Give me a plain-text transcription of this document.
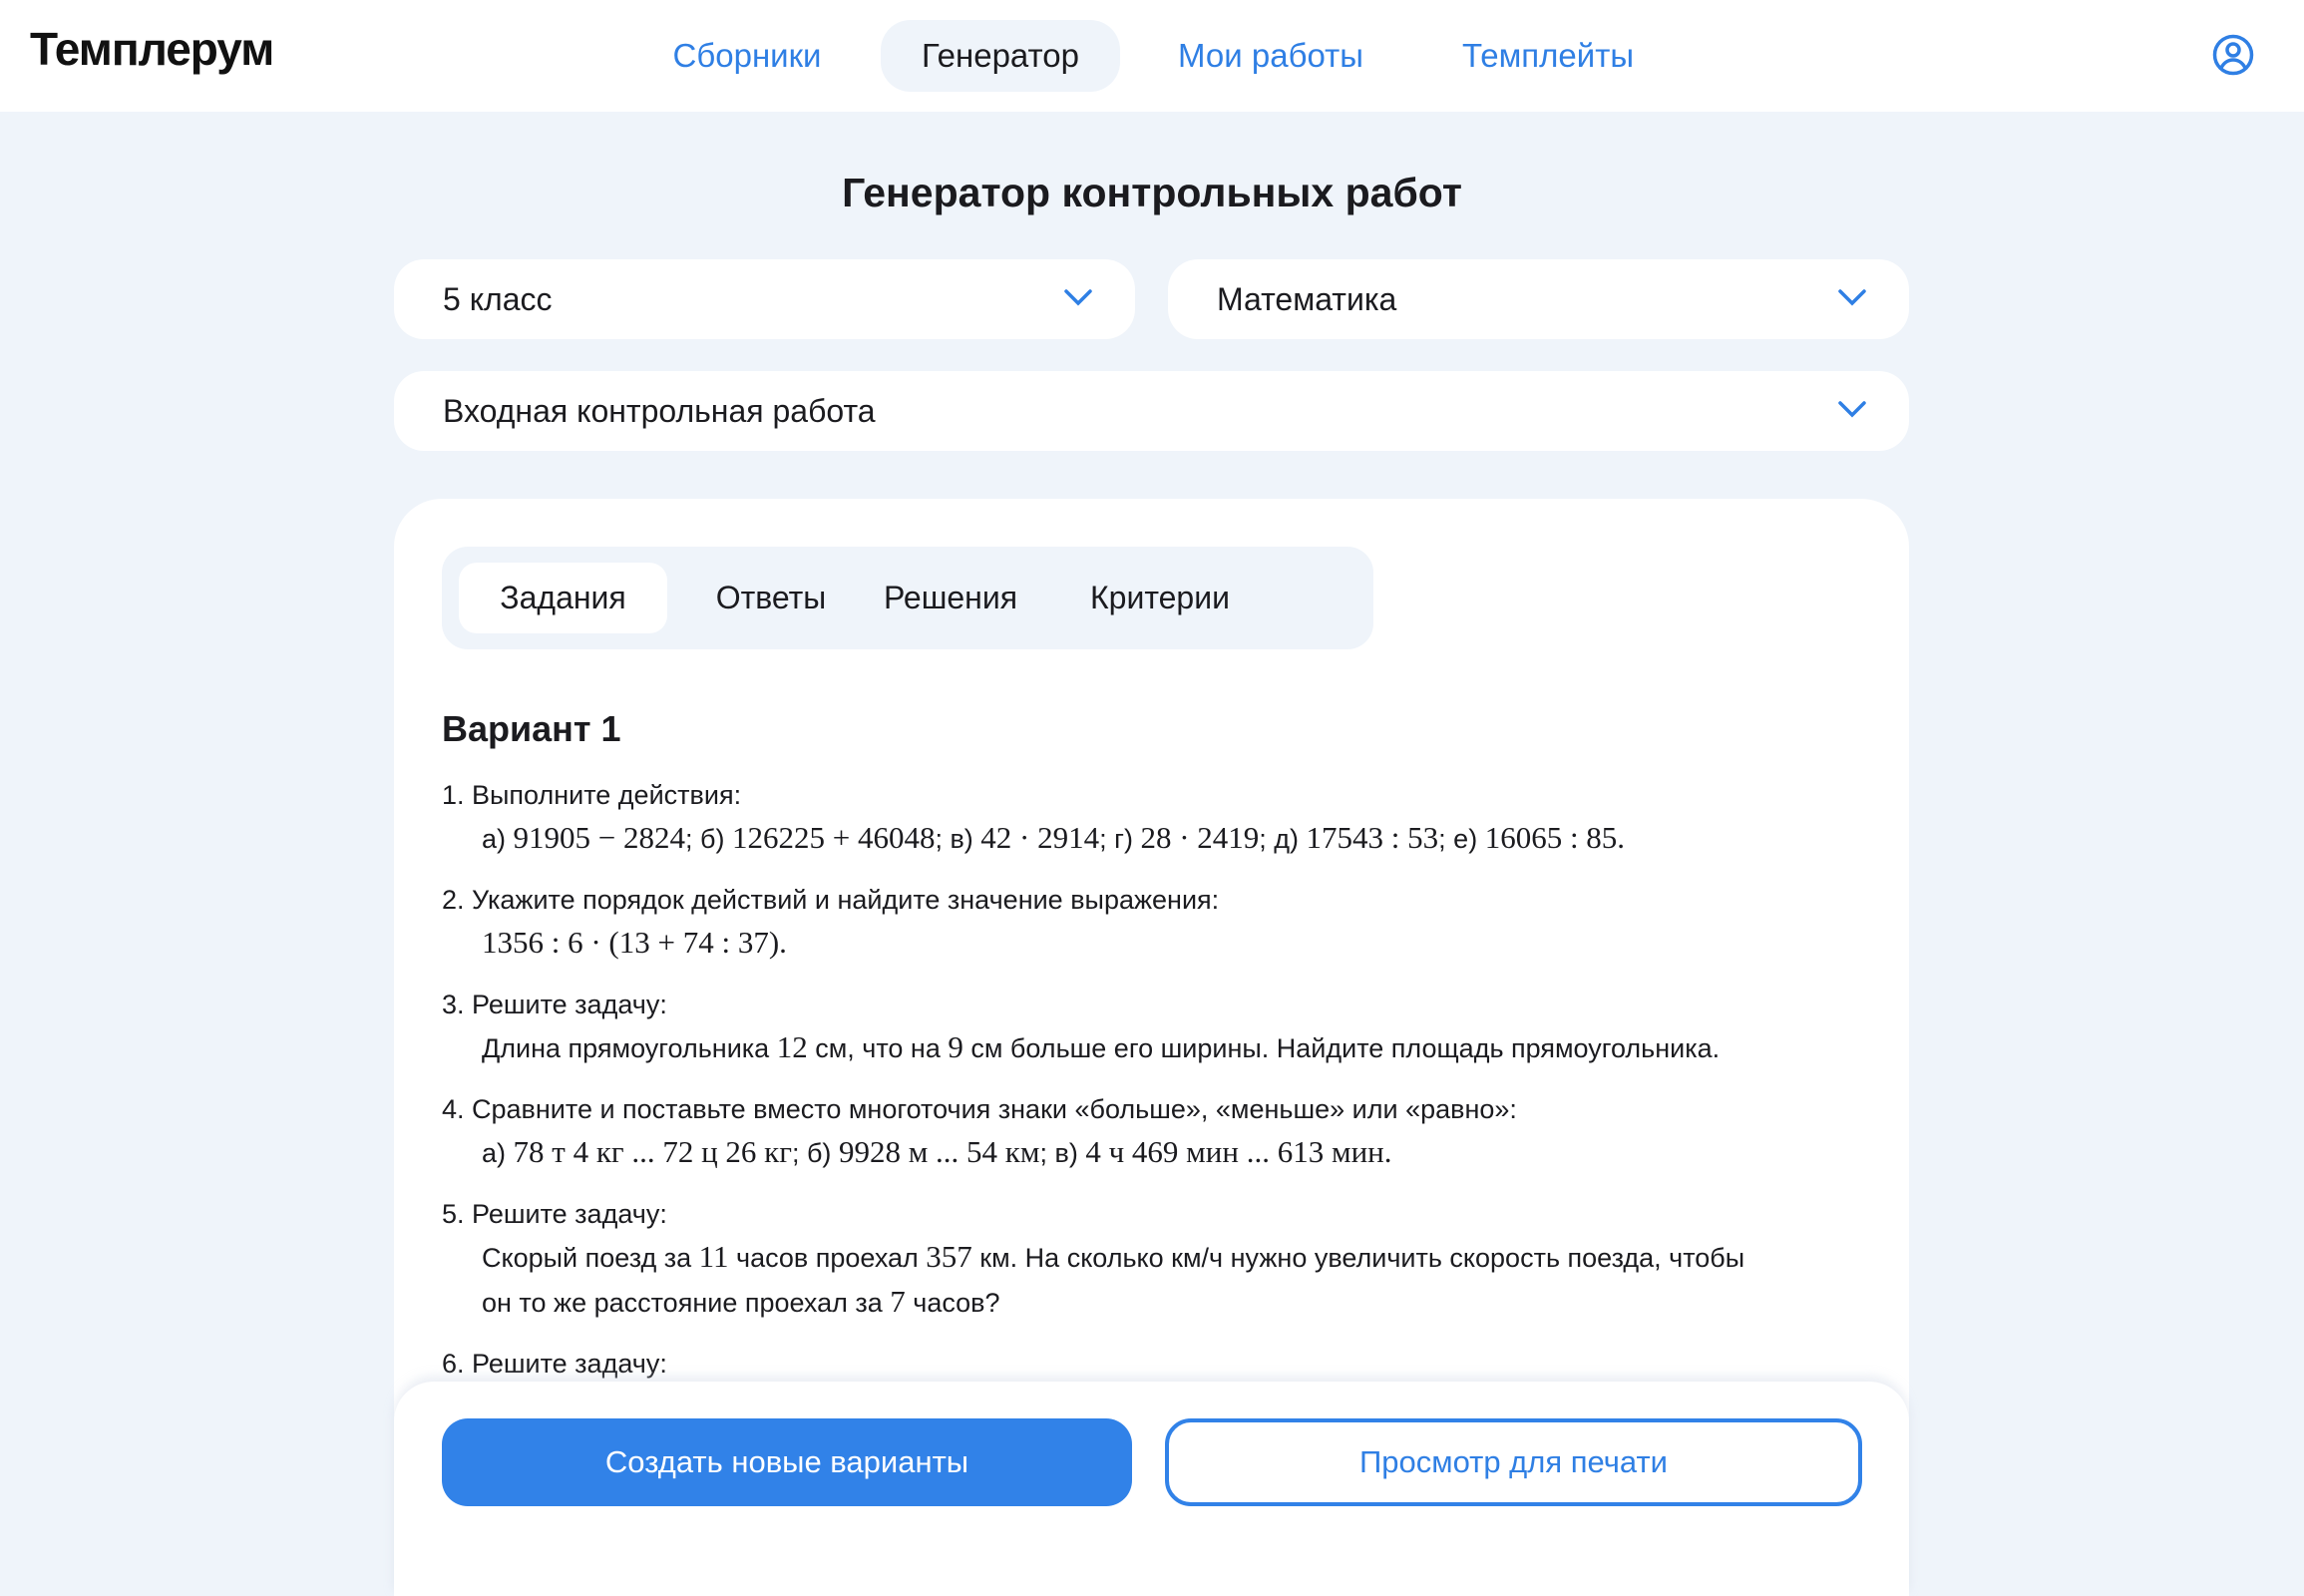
Темплерум	Сборники	Генератор	Мои работы	Темплейты
Генератор контрольных работ
5 класс	Математика
Входная контрольная работа
Задания	Ответы	Решения	Критерии
Вариант 1
1. Выполните действия:
а) 91905 − 2824; б) 126225 + 46048; в) 42 · 2914; г) 28 · 2419; д) 17543 : 53; е) 16065 : 85.
2. Укажите порядок действий и найдите значение выражения:
1356 : 6 · (13 + 74 : 37).
3. Решите задачу:
Длина прямоугольника 12 см, что на 9 см больше его ширины. Найдите площадь прямоугольника.
4. Сравните и поставьте вместо многоточия знаки «больше», «меньше» или «равно»:
а) 78 т 4 кг ... 72 ц 26 кг; б) 9928 м ... 54 км; в) 4 ч 469 мин ... 613 мин.
5. Решите задачу:
Скорый поезд за 11 часов проехал 357 км. На сколько км/ч нужно увеличить скорость поезда, чтобы
он то же расстояние проехал за 7 часов?
6. Решите задачу:
Создать новые варианты	Просмотр для печати
